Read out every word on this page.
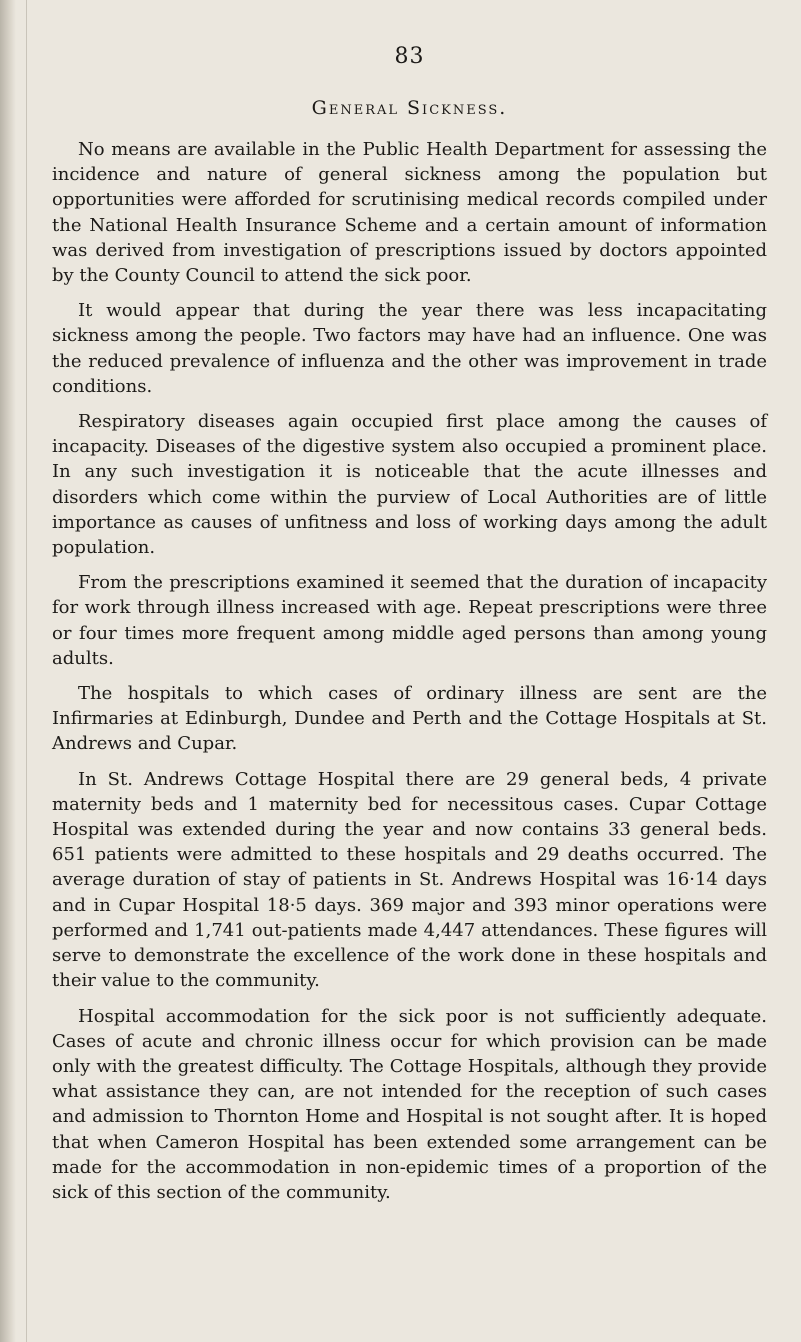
83
General Sickness.

No means are available in the Public Health Department for assessing the incidence and nature of general sickness among the population but opportunities were afforded for scrutinising medical records compiled under the National Health Insurance Scheme and a certain amount of information was derived from investigation of prescriptions issued by doctors appointed by the County Council to attend the sick poor.

It would appear that during the year there was less incapacitating sickness among the people. Two factors may have had an influence. One was the reduced prevalence of influenza and the other was improvement in trade conditions.

Respiratory diseases again occupied first place among the causes of incapacity. Diseases of the digestive system also occupied a prominent place. In any such investigation it is noticeable that the acute illnesses and disorders which come within the purview of Local Authorities are of little importance as causes of unfitness and loss of working days among the adult population.

From the prescriptions examined it seemed that the duration of incapacity for work through illness increased with age. Repeat prescriptions were three or four times more frequent among middle aged persons than among young adults.

The hospitals to which cases of ordinary illness are sent are the Infirmaries at Edinburgh, Dundee and Perth and the Cottage Hospitals at St. Andrews and Cupar.

In St. Andrews Cottage Hospital there are 29 general beds, 4 private maternity beds and 1 maternity bed for necessitous cases. Cupar Cottage Hospital was extended during the year and now contains 33 general beds. 651 patients were admitted to these hospitals and 29 deaths occurred. The average duration of stay of patients in St. Andrews Hospital was 16·14 days and in Cupar Hospital 18·5 days. 369 major and 393 minor operations were performed and 1,741 out-patients made 4,447 attendances. These figures will serve to demonstrate the excellence of the work done in these hospitals and their value to the community.

Hospital accommodation for the sick poor is not sufficiently adequate. Cases of acute and chronic illness occur for which provision can be made only with the greatest difficulty. The Cottage Hospitals, although they provide what assistance they can, are not intended for the reception of such cases and admission to Thornton Home and Hospital is not sought after. It is hoped that when Cameron Hospital has been extended some arrangement can be made for the accommodation in non-epidemic times of a proportion of the sick of this section of the community.
